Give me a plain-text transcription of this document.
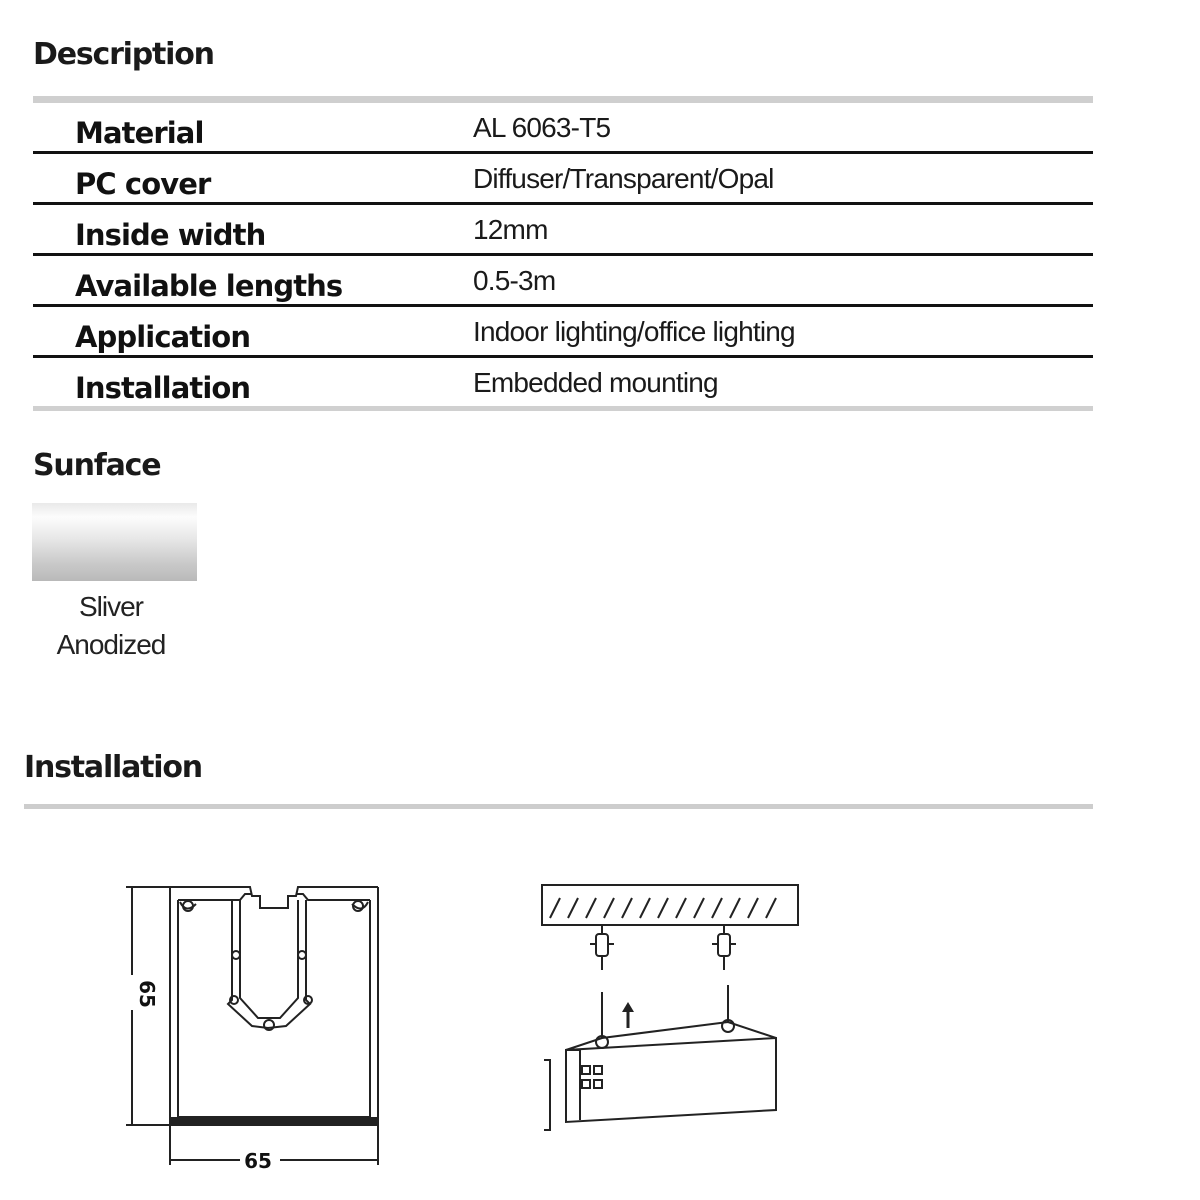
Description
Material	AL 6063-T5
PC cover	Diffuser/Transparent/Opal
Inside width	12mm
Available lengths	0.5-3m
Application	Indoor lighting/office lighting
Installation	Embedded mounting
Sunface
Sliver
Anodized
Installation
65
65
